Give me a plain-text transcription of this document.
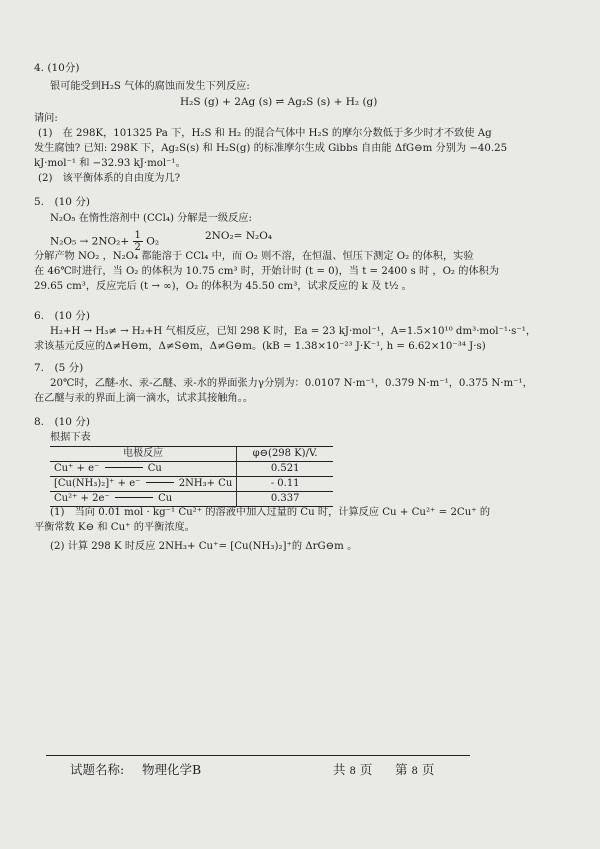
4. (10分)
银可能受到H₂S 气体的腐蚀而发生下列反应:
H₂S (g) + 2Ag (s) ⇌ Ag₂S (s) + H₂ (g)
请问:
(1)　在 298K，101325 Pa 下，H₂S 和 H₂ 的混合气体中 H₂S 的摩尔分数低于多少时才不致使 Ag
发生腐蚀? 已知: 298K 下，Ag₂S(s) 和 H₂S(g) 的标准摩尔生成 Gibbs 自由能 ΔfG⊖m 分别为 −40.25
kJ·mol⁻¹ 和 −32.93 kJ·mol⁻¹。
(2)　该平衡体系的自由度为几?
5.　(10 分)
N₂O₅ 在惰性溶剂中 (CCl₄) 分解是一级反应:
$N_2O_5 \to 2NO_2+ \frac{1}{2} O_2$	2NO₂= N₂O₄
分解产物 NO₂ ，N₂O₄ 都能溶于 CCl₄ 中，而 O₂ 则不溶，在恒温、恒压下测定 O₂ 的体积，实验
在 46℃时进行，当 O₂ 的体积为 10.75 cm³ 时，开始计时 (t = 0)，当 t = 2400 s 时 ，O₂ 的体积为
29.65 cm³，反应完后 (t → ∞)，O₂ 的体积为 45.50 cm³，试求反应的 k 及 t½ 。
6.　(10 分)
H₂+H → H₃≠ → H₂+H 气相反应，已知 298 K 时，Ea = 23 kJ·mol⁻¹，A=1.5×10¹⁰ dm³·mol⁻¹·s⁻¹，
求该基元反应的Δ≠H⊖m，Δ≠S⊖m，Δ≠G⊖m。(kB = 1.38×10⁻²³ J·K⁻¹, h = 6.62×10⁻³⁴ J·s)
7.　(5 分)
20℃时，乙醚-水、汞-乙醚、汞-水的界面张力γ分别为：0.0107 N·m⁻¹，0.379 N·m⁻¹，0.375 N·m⁻¹，
在乙醚与汞的界面上滴一滴水，试求其接触角。。
8.　(10 分)
根据下表
电极反应	φ⊖(298 K)/V.
Cu⁺ + e⁻ Cu	0.521
[Cu(NH₃)₂]⁺ + e⁻ 2NH₃+ Cu	- 0.11
Cu²⁺ + 2e⁻ Cu	0.337
(1)　当向 0.01 mol · kg⁻¹ Cu²⁺ 的溶液中加入过量的 Cu 时，计算反应 Cu + Cu²⁺ = 2Cu⁺ 的
平衡常数 K⊖ 和 Cu⁺ 的平衡浓度。
(2) 计算 298 K 时反应 2NH₃+ Cu⁺= [Cu(NH₃)₂]⁺的 ΔrG⊖m 。
试题名称: 物理化学B	共 8 页 第 8 页
